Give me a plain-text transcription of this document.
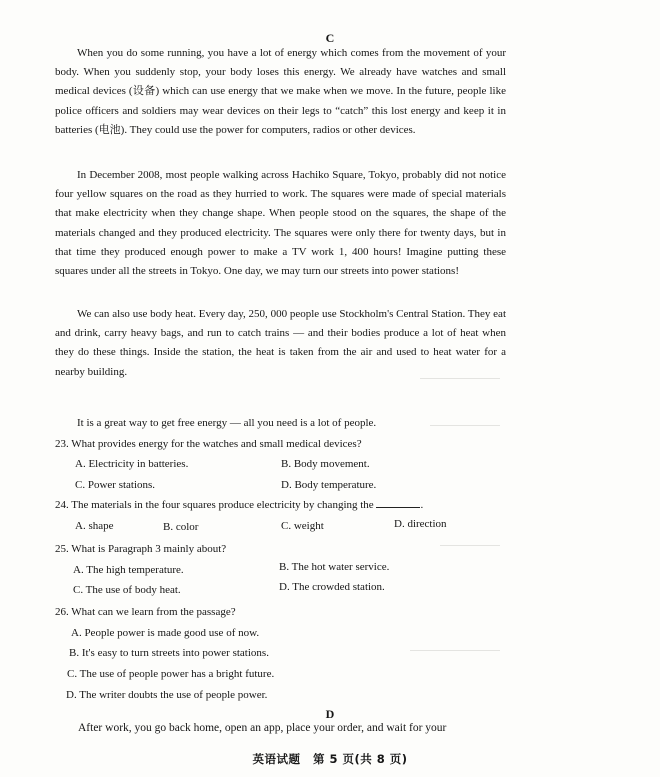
C

When you do some running, you have a lot of energy which comes from the movement of your body. When you suddenly stop, your body loses this energy. We already have watches and small medical devices (设备) which can use energy that we make when we move. In the future, people like police officers and soldiers may wear devices on their legs to “catch” this lost energy and keep it in batteries (电池). They could use the power for computers, radios or other devices.

In December 2008, most people walking across Hachiko Square, Tokyo, probably did not notice four yellow squares on the road as they hurried to work. The squares were made of special materials that make electricity when they change shape. When people stood on the squares, the shape of the materials changed and they produced electricity. The squares were only there for twenty days, but in that time they produced enough power to make a TV work 1, 400 hours! Imagine putting these squares under all the streets in Tokyo. One day, we may turn our streets into power stations!

We can also use body heat. Every day, 250, 000 people use Stockholm's Central Station. They eat and drink, carry heavy bags, and run to catch trains — and their bodies produce a lot of heat when they do these things. Inside the station, the heat is taken from the air and used to heat water for a nearby building.

It is a great way to get free energy — all you need is a lot of people.

23. What provides energy for the watches and small medical devices?
A. Electricity in batteries.	B. Body movement.
C. Power stations.	D. Body temperature.
24. The materials in the four squares produce electricity by changing the	.
A. shape	B. color	C. weight	D. direction
25. What is Paragraph 3 mainly about?
A. The high temperature.	B. The hot water service.
C. The use of body heat.	D. The crowded station.
26. What can we learn from the passage?
A. People power is made good use of now.
B. It's easy to turn streets into power stations.
C. The use of people power has a bright future.
D. The writer doubts the use of people power.
D

After work, you go back home, open an app, place your order, and wait for your

英语试题 第 5 页(共 8 页)
